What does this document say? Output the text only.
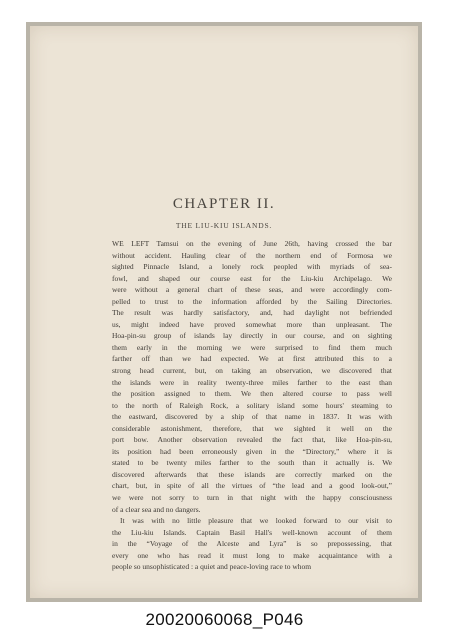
CHAPTER II.
THE LIU-KIU ISLANDS.
WE LEFT Tamsui on the evening of June 26th, having crossed the bar
without accident. Hauling clear of the northern end of Formosa we
sighted Pinnacle Island, a lonely rock peopled with myriads of sea-
fowl, and shaped our course east for the Liu-kiu Archipelago. We
were without a general chart of these seas, and were accordingly com-
pelled to trust to the information afforded by the Sailing Directories.
The result was hardly satisfactory, and, had daylight not befriended
us, might indeed have proved somewhat more than unpleasant. The
Hoa-pin-su group of islands lay directly in our course, and on sighting
them early in the morning we were surprised to find them much
farther off than we had expected. We at first attributed this to a
strong head current, but, on taking an observation, we discovered that
the islands were in reality twenty-three miles farther to the east than
the position assigned to them. We then altered course to pass well
to the north of Raleigh Rock, a solitary island some hours' steaming to
the eastward, discovered by a ship of that name in 1837. It was with
considerable astonishment, therefore, that we sighted it well on the
port bow. Another observation revealed the fact that, like Hoa-pin-su,
its position had been erroneously given in the “Directory,” where it is
stated to be twenty miles farther to the south than it actually is. We
discovered afterwards that these islands are correctly marked on the
chart, but, in spite of all the virtues of “the lead and a good look-out,”
we were not sorry to turn in that night with the happy consciousness
of a clear sea and no dangers.
It was with no little pleasure that we looked forward to our visit to
the Liu-kiu Islands. Captain Basil Hall's well-known account of them
in the “Voyage of the Alceste and Lyra” is so prepossessing, that
every one who has read it must long to make acquaintance with a
people so unsophisticated : a quiet and peace-loving race to whom
20020060068_P046
